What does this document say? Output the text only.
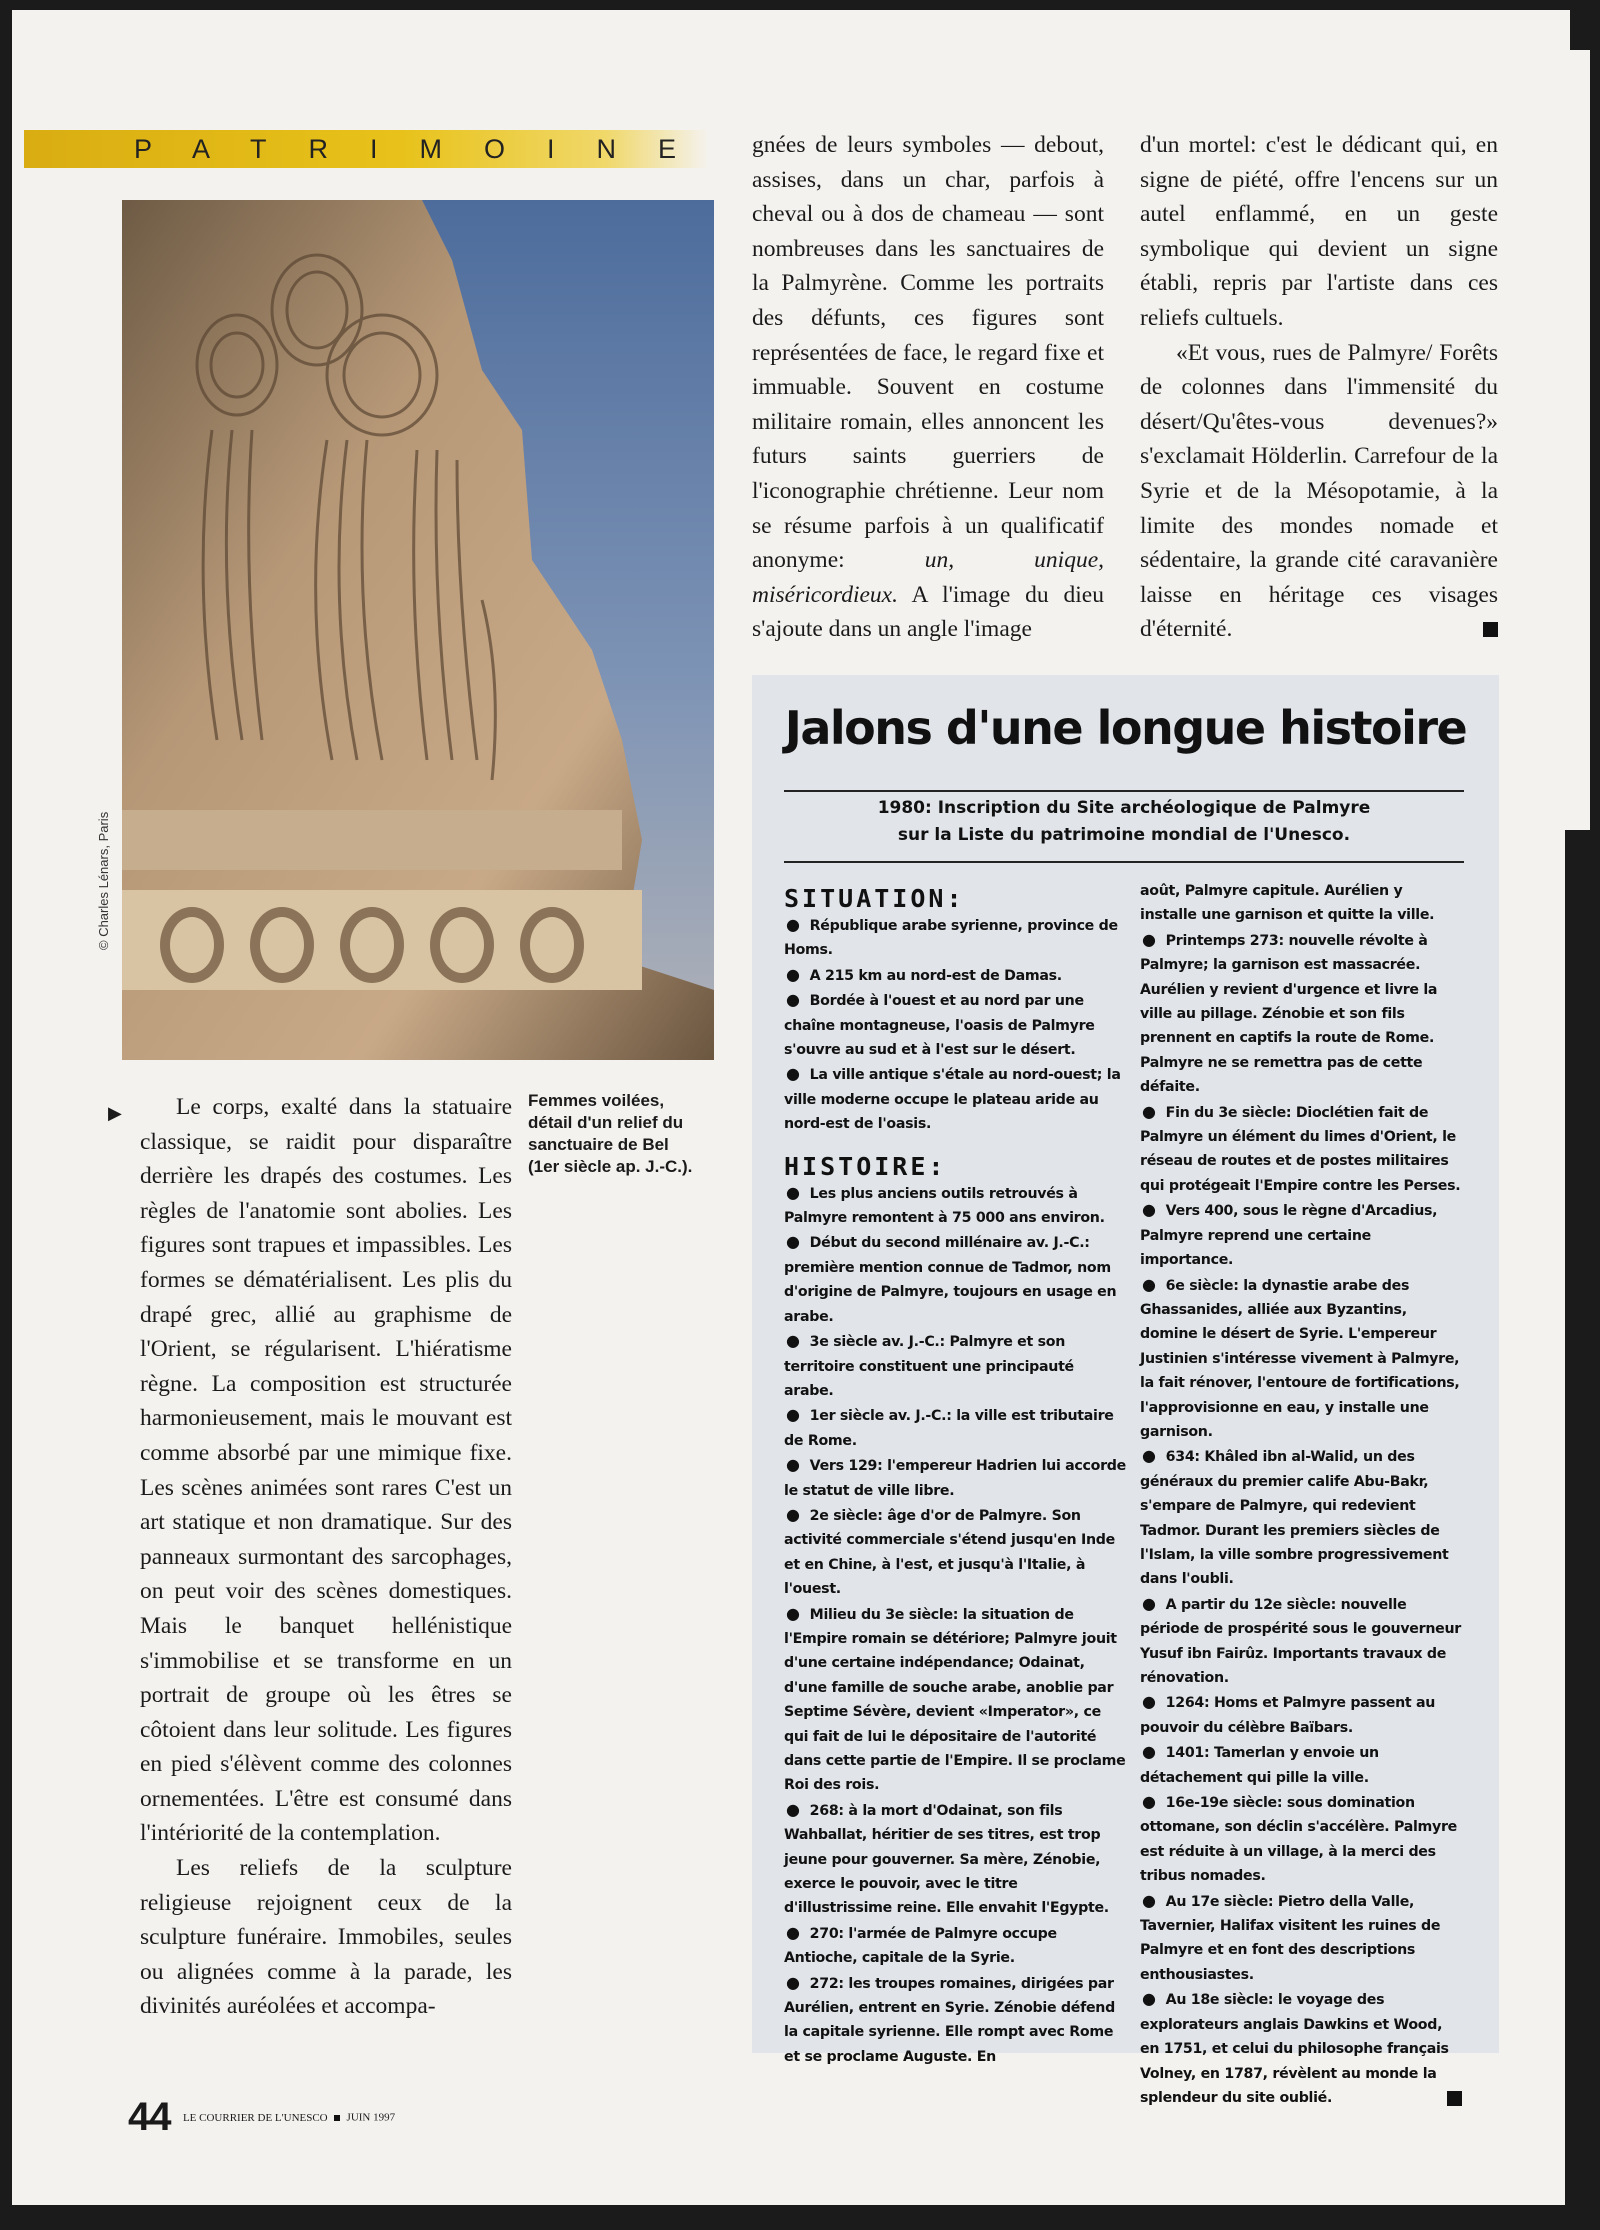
PATRIMOINE
© Charles Lénars, Paris
▶	Le corps, exalté dans la statuaire classique, se raidit pour disparaître derrière les drapés des costumes. Les règles de l'anatomie sont abolies. Les figures sont trapues et impassibles. Les formes se dématérialisent. Les plis du drapé grec, allié au graphisme de l'Orient, se régularisent. L'hiératisme règne. La composition est structurée harmonieusement, mais le mouvant est comme absorbé par une mimique fixe. Les scènes animées sont rares C'est un art statique et non dramatique. Sur des panneaux surmontant des sarcophages, on peut voir des scènes domestiques. Mais le banquet hellénistique s'immobilise et se transforme en un portrait de groupe où les êtres se côtoient dans leur solitude. Les figures en pied s'élèvent comme des colonnes ornementées. L'être est consumé dans l'intériorité de la contemplation.

Les reliefs de la sculpture religieuse rejoignent ceux de la sculpture funéraire. Immobiles, seules ou alignées comme à la parade, les divinités auréolées et accompa-

Femmes voilées, détail d'un relief du sanctuaire de Bel (1er siècle ap. J.-C.).

gnées de leurs symboles — debout, assises, dans un char, parfois à cheval ou à dos de chameau — sont nombreuses dans les sanctuaires de la Palmyrène. Comme les portraits des défunts, ces figures sont représentées de face, le regard fixe et immuable. Souvent en costume militaire romain, elles annoncent les futurs saints guerriers de l'iconographie chrétienne. Leur nom se résume parfois à un qualificatif anonyme: un, unique, miséricordieux. A l'image du dieu s'ajoute dans un angle l'image

d'un mortel: c'est le dédicant qui, en signe de piété, offre l'encens sur un autel enflammé, en un geste symbolique qui devient un signe établi, repris par l'artiste dans ces reliefs cultuels.

«Et vous, rues de Palmyre/ Forêts de colonnes dans l'immensité du désert/Qu'êtes-vous devenues?» s'exclamait Hölderlin. Carrefour de la Syrie et de la Mésopotamie, à la limite des mondes nomade et sédentaire, la grande cité caravanière laisse en héritage ces visages d'éternité.

Jalons d'une longue histoire
1980: Inscription du Site archéologique de Palmyre
sur la Liste du patrimoine mondial de l'Unesco.
SITUATION:

● République arabe syrienne, province de Homs.

● A 215 km au nord-est de Damas.

● Bordée à l'ouest et au nord par une chaîne montagneuse, l'oasis de Palmyre s'ouvre au sud et à l'est sur le désert.

● La ville antique s'étale au nord-ouest; la ville moderne occupe le plateau aride au nord-est de l'oasis.

HISTOIRE:

● Les plus anciens outils retrouvés à Palmyre remontent à 75 000 ans environ.

● Début du second millénaire av. J.-C.: première mention connue de Tadmor, nom d'origine de Palmyre, toujours en usage en arabe.

● 3e siècle av. J.-C.: Palmyre et son territoire constituent une principauté arabe.

● 1er siècle av. J.-C.: la ville est tributaire de Rome.

● Vers 129: l'empereur Hadrien lui accorde le statut de ville libre.

● 2e siècle: âge d'or de Palmyre. Son activité commerciale s'étend jusqu'en Inde et en Chine, à l'est, et jusqu'à l'Italie, à l'ouest.

● Milieu du 3e siècle: la situation de l'Empire romain se détériore; Palmyre jouit d'une certaine indépendance; Odainat, d'une famille de souche arabe, anoblie par Septime Sévère, devient «Imperator», ce qui fait de lui le dépositaire de l'autorité dans cette partie de l'Empire. Il se proclame Roi des rois.

● 268: à la mort d'Odainat, son fils Wahballat, héritier de ses titres, est trop jeune pour gouverner. Sa mère, Zénobie, exerce le pouvoir, avec le titre d'illustrissime reine. Elle envahit l'Egypte.

● 270: l'armée de Palmyre occupe Antioche, capitale de la Syrie.

● 272: les troupes romaines, dirigées par Aurélien, entrent en Syrie. Zénobie défend la capitale syrienne. Elle rompt avec Rome et se proclame Auguste. En

août, Palmyre capitule. Aurélien y installe une garnison et quitte la ville.

● Printemps 273: nouvelle révolte à Palmyre; la garnison est massacrée. Aurélien y revient d'urgence et livre la ville au pillage. Zénobie et son fils prennent en captifs la route de Rome. Palmyre ne se remettra pas de cette défaite.

● Fin du 3e siècle: Dioclétien fait de Palmyre un élément du limes d'Orient, le réseau de routes et de postes militaires qui protégeait l'Empire contre les Perses.

● Vers 400, sous le règne d'Arcadius, Palmyre reprend une certaine importance.

● 6e siècle: la dynastie arabe des Ghassanides, alliée aux Byzantins, domine le désert de Syrie. L'empereur Justinien s'intéresse vivement à Palmyre, la fait rénover, l'entoure de fortifications, l'approvisionne en eau, y installe une garnison.

● 634: Khâled ibn al-Walid, un des généraux du premier calife Abu-Bakr, s'empare de Palmyre, qui redevient Tadmor. Durant les premiers siècles de l'Islam, la ville sombre progressivement dans l'oubli.

● A partir du 12e siècle: nouvelle période de prospérité sous le gouverneur Yusuf ibn Fairûz. Importants travaux de rénovation.

● 1264: Homs et Palmyre passent au pouvoir du célèbre Baïbars.

● 1401: Tamerlan y envoie un détachement qui pille la ville.

● 16e-19e siècle: sous domination ottomane, son déclin s'accélère. Palmyre est réduite à un village, à la merci des tribus nomades.

● Au 17e siècle: Pietro della Valle, Tavernier, Halifax visitent les ruines de Palmyre et en font des descriptions enthousiastes.

● Au 18e siècle: le voyage des explorateurs anglais Dawkins et Wood, en 1751, et celui du philosophe français Volney, en 1787, révèlent au monde la splendeur du site oublié.

44 LE COURRIER DE L'UNESCO JUIN 1997
